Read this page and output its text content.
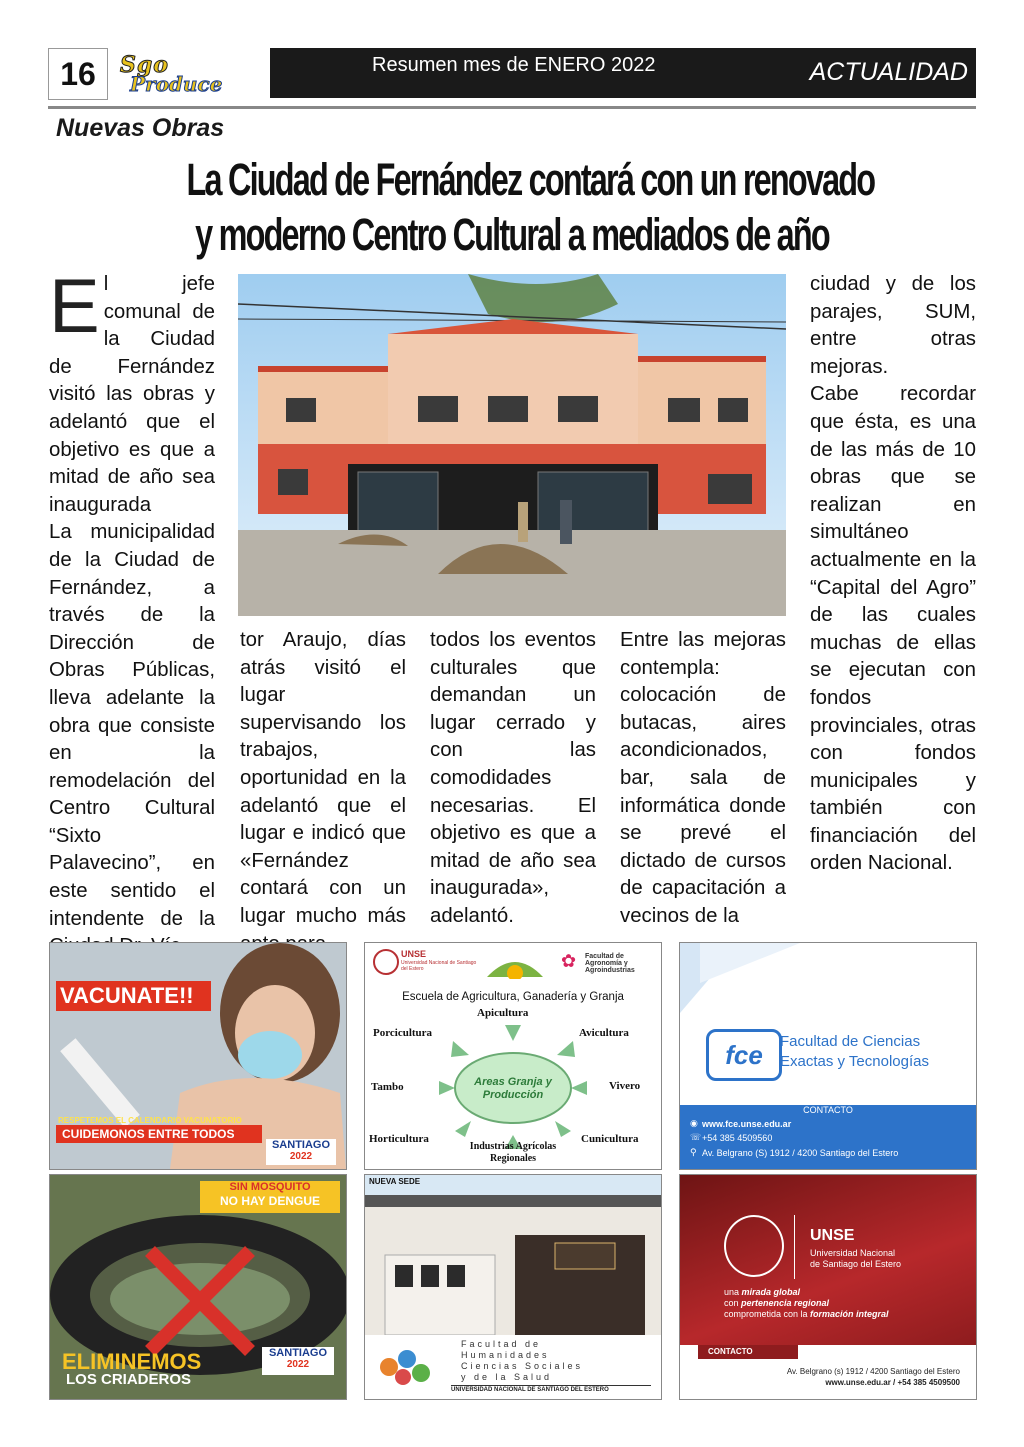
16	Sgo
Produce
Resumen mes de ENERO 2022	ACTUALIDAD
Nuevas Obras
La Ciudad de Fernández contará con un renovado
y moderno Centro Cultural a mediados de año

El jefe comunal de la Ciudad de Fernández visitó las obras y adelantó que el objetivo es que a mitad de año sea inaugurada

La municipalidad de la Ciudad de Fernández, a través de la Dirección de Obras Públicas, lleva adelante la obra que consiste en la remodelación del Centro Cultural “Sixto Palavecino”, en este sentido el intendente de la

tor Araujo, días atrás visitó el lugar supervisando los trabajos, oportunidad en la adelantó que el lugar e indicó que «Fernández contará con un lugar mucho más
todos los eventos culturales que demandan un lugar cerrado y con las comodidades necesarias. El objetivo es que a mitad de año sea inaugurada», adelantó.
Entre las mejoras contempla: colocación de butacas, aires acondicionados, bar, sala de informática donde se prevé el dictado de cursos de capacitación a vecinos de la

ciudad y de los parajes, SUM, entre otras mejoras.

Cabe recordar que ésta, es una de las más de 10 obras que se realizan en simultáneo actualmente en la “Capital del Agro” de las cuales muchas de ellas se ejecutan con fondos provinciales, otras con fondos municipales y también con financiación del orden Nacional.

VACUNATE!!
RESPETEMOS EL CALENDARIO VACUNATORIO
CUIDEMONOS ENTRE TODOS
SANTIAGO
2022
UNSE
Universidad Nacional de Santiago del Estero	✿	Facultad de Agronomía y Agroindustrias
Escuela de Agricultura, Ganadería y Granja
Areas Granja y Producción
Apicultura
Avicultura
Vivero
Cunicultura
Industrias Agrícolas Regionales
Horticultura
Tambo
Porcicultura
fce	Facultad de Ciencias
Exactas y Tecnologías
CONTACTO
www.fce.unse.edu.ar
+54 385 4509560
Av. Belgrano (S) 1912 / 4200 Santiago del Estero
◉
☏
⚲
SIN MOSQUITO
NO HAY DENGUE
ELIMINEMOS
LOS CRIADEROS
SANTIAGO
2022
NUEVA SEDE
Facultad de
Humanidades
Ciencias Sociales
y de la Salud
UNIVERSIDAD NACIONAL DE SANTIAGO DEL ESTERO
UNSE
Universidad Nacional
de Santiago del Estero
una mirada global
con pertenencia regional
comprometida con la formación integral
CONTACTO
Av. Belgrano (s) 1912 / 4200 Santiago del Estero
www.unse.edu.ar / +54 385 4509500
